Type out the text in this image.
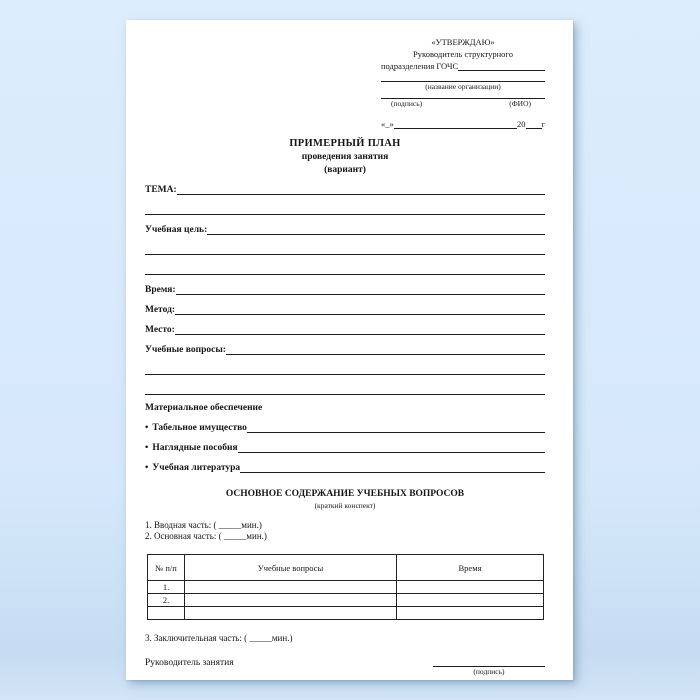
«УТВЕРЖДАЮ»
Руководитель структурного
подразделения ГОЧС
(название организации)
(подпись)	(ФИО)
«_»	20 г
ПРИМЕРНЫЙ ПЛАН
проведения занятия
(вариант)
ТЕМА:
Учебная цель:
Время:
Метод:
Место:
Учебные вопросы:
Материальное обеспечение
• Табельное имущество
• Наглядные пособия
• Учебная литература
ОСНОВНОЕ СОДЕРЖАНИЕ УЧЕБНЫХ ВОПРОСОВ
(краткий конспект)
1. Вводная часть: ( _____мин.)
2. Основная часть: ( _____мин.)
№ п/п	Учебные вопросы	Время
1.		
2.		

3. Заключительная часть: ( _____мин.)
Руководитель занятия
(подпись)
